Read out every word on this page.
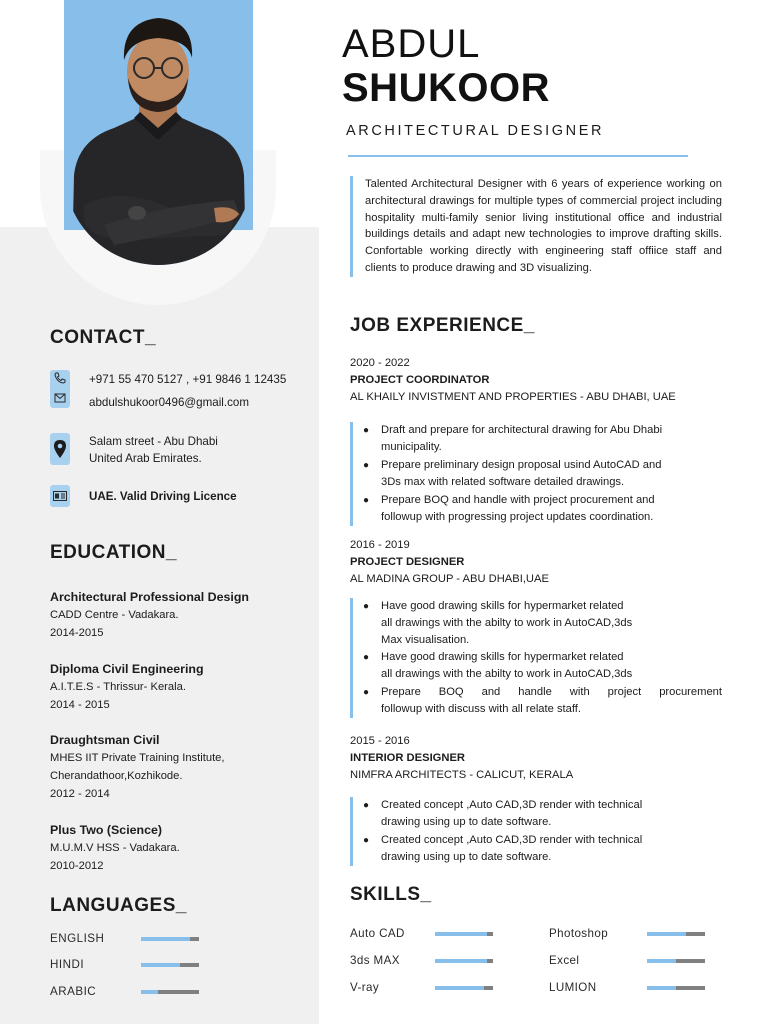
CONTACT_
+971 55 470 5127 , +91 9846 1 12435
abdulshukoor0496@gmail.com
Salam street - Abu Dhabi
United Arab Emirates.
UAE. Valid Driving Licence
EDUCATION_
Architectural Professional Design
CADD Centre - Vadakara.
2014-2015
Diploma Civil Engineering
A.I.T.E.S - Thrissur- Kerala.
2014 - 2015
Draughtsman Civil
MHES IIT Private Training Institute,
Cherandathoor,Kozhikode.
2012 - 2014
Plus Two (Science)
M.U.M.V HSS - Vadakara.
2010-2012
LANGUAGES_
ENGLISH
HINDI
ARABIC
ABDUL
SHUKOOR
ARCHITECTURAL DESIGNER
Talented Architectural Designer with 6 years of experience working on architectural drawings for multiple types of commercial project including hospitality multi-family senior living institutional office and industrial buildings details and adapt new technologies to improve drafting skills. Confortable working directly with engineering staff offiice staff and clients to produce drawing and 3D visualizing.
JOB EXPERIENCE_
2020 - 2022
PROJECT COORDINATOR
AL KHAILY INVISTMENT AND PROPERTIES - ABU DHABI, UAE
●	Draft and prepare for architectural drawing for Abu Dhabi
municipality.
●	Prepare preliminary design proposal usind AutoCAD and
3Ds max with related software detailed drawings.
●	Prepare BOQ and handle with project procurement and
followup with progressing project updates coordination.
2016 - 2019
PROJECT DESIGNER
AL MADINA GROUP - ABU DHABI,UAE
●	Have good drawing skills for hypermarket related
all drawings with the abilty to work in AutoCAD,3ds
Max visualisation.
●	Have good drawing skills for hypermarket related
all drawings with the abilty to work in AutoCAD,3ds
●	Prepare BOQ and handle with project procurement
followup with discuss with all relate staff.
2015 - 2016
INTERIOR DESIGNER
NIMFRA ARCHITECTS - CALICUT, KERALA
●	Created concept ,Auto CAD,3D render with technical
drawing using up to date software.
●	Created concept ,Auto CAD,3D render with technical
drawing using up to date software.
SKILLS_
Auto CAD
3ds MAX
V-ray
Photoshop
Excel
LUMION
